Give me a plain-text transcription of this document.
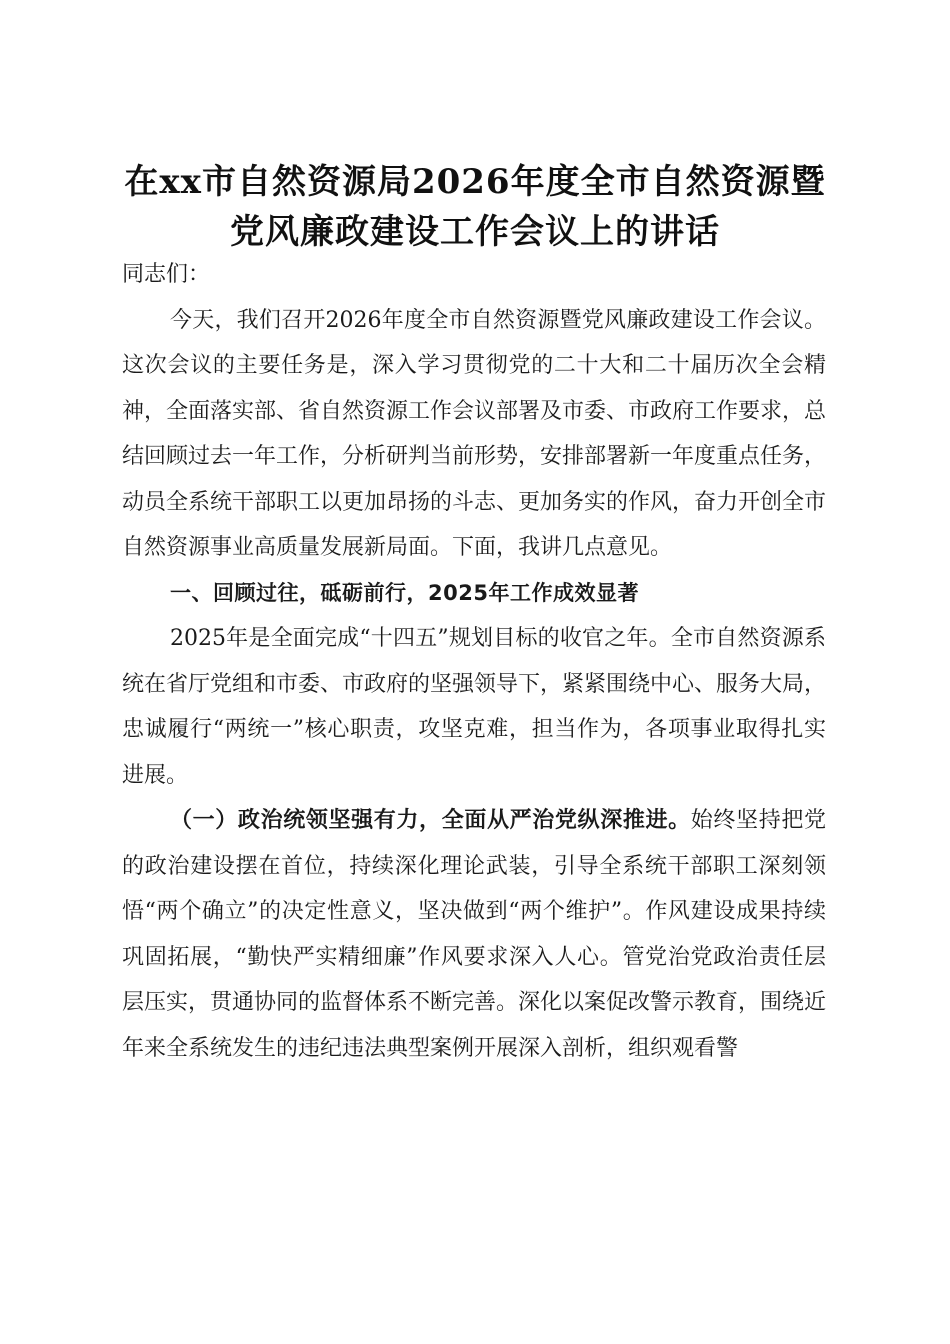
在xx市自然资源局2026年度全市自然资源暨
党风廉政建设工作会议上的讲话

同志们：

今天，我们召开2026年度全市自然资源暨党风廉政建设工作会议。这次会议的主要任务是，深入学习贯彻党的二十大和二十届历次全会精神，全面落实部、省自然资源工作会议部署及市委、市政府工作要求，总结回顾过去一年工作，分析研判当前形势，安排部署新一年度重点任务，动员全系统干部职工以更加昂扬的斗志、更加务实的作风，奋力开创全市自然资源事业高质量发展新局面。下面，我讲几点意见。

一、回顾过往，砥砺前行，2025年工作成效显著

2025年是全面完成“十四五”规划目标的收官之年。全市自然资源系统在省厅党组和市委、市政府的坚强领导下，紧紧围绕中心、服务大局，忠诚履行“两统一”核心职责，攻坚克难，担当作为，各项事业取得扎实进展。

（一）政治统领坚强有力，全面从严治党纵深推进。始终坚持把党的政治建设摆在首位，持续深化理论武装，引导全系统干部职工深刻领悟“两个确立”的决定性意义，坚决做到“两个维护”。作风建设成果持续巩固拓展，“勤快严实精细廉”作风要求深入人心。管党治党政治责任层层压实，贯通协同的监督体系不断完善。深化以案促改警示教育，围绕近年来全系统发生的违纪违法典型案例开展深入剖析，组织观看警
